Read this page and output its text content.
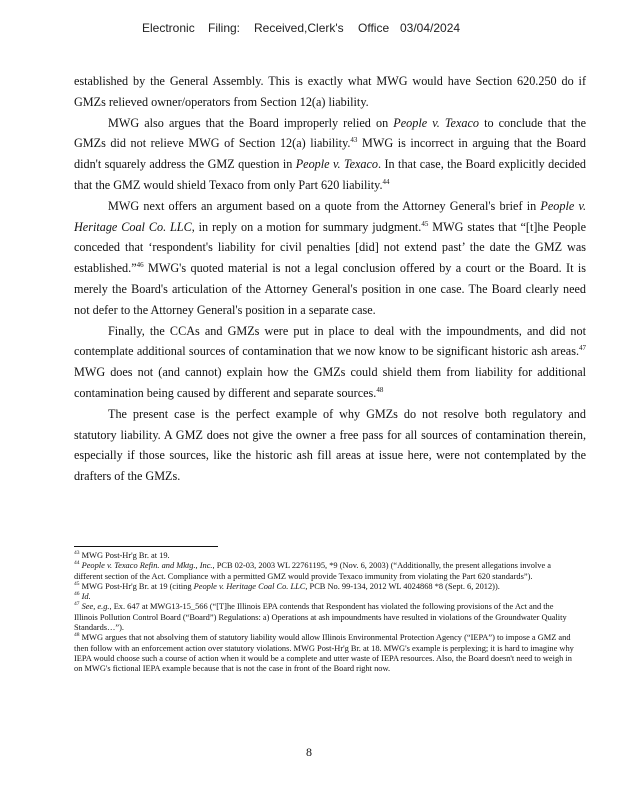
Electronic Filing: Received,Clerk's Office 03/04/2024

established by the General Assembly. This is exactly what MWG would have Section 620.250 do if GMZs relieved owner/operators from Section 12(a) liability.

MWG also argues that the Board improperly relied on People v. Texaco to conclude that the GMZs did not relieve MWG of Section 12(a) liability.$^{43}$ MWG is incorrect in arguing that the Board didn't squarely address the GMZ question in People v. Texaco. In that case, the Board explicitly decided that the GMZ would shield Texaco from only Part 620 liability.$^{44}$

MWG next offers an argument based on a quote from the Attorney General's brief in People v. Heritage Coal Co. LLC, in reply on a motion for summary judgment.$^{45}$ MWG states that “[t]he People conceded that ‘respondent's liability for civil penalties [did] not extend past’ the date the GMZ was established.”$^{46}$ MWG's quoted material is not a legal conclusion offered by a court or the Board. It is merely the Board's articulation of the Attorney General's position in one case. The Board clearly need not defer to the Attorney General's position in a separate case.

Finally, the CCAs and GMZs were put in place to deal with the impoundments, and did not contemplate additional sources of contamination that we now know to be significant historic ash areas.$^{47}$ MWG does not (and cannot) explain how the GMZs could shield them from liability for additional contamination being caused by different and separate sources.$^{48}$

The present case is the perfect example of why GMZs do not resolve both regulatory and statutory liability. A GMZ does not give the owner a free pass for all sources of contamination therein, especially if those sources, like the historic ash fill areas at issue here, were not contemplated by the drafters of the GMZs.

$^{43}$ MWG Post-Hr'g Br. at 19.

$^{44}$ People v. Texaco Refin. and Mktg., Inc., PCB 02-03, 2003 WL 22761195, *9 (Nov. 6, 2003) (“Additionally, the present allegations involve a different section of the Act. Compliance with a permitted GMZ would provide Texaco immunity from violating the Part 620 standards”).

$^{45}$ MWG Post-Hr'g Br. at 19 (citing People v. Heritage Coal Co. LLC, PCB No. 99-134, 2012 WL 4024868 *8 (Sept. 6, 2012)).

$^{46}$ Id.

$^{47}$ See, e.g., Ex. 647 at MWG13-15_566 (“[T]he Illinois EPA contends that Respondent has violated the following provisions of the Act and the Illinois Pollution Control Board (“Board”) Regulations: a) Operations at ash impoundments have resulted in violations of the Groundwater Quality Standards…”).

$^{48}$ MWG argues that not absolving them of statutory liability would allow Illinois Environmental Protection Agency (“IEPA”) to impose a GMZ and then follow with an enforcement action over statutory violations. MWG Post-Hr'g Br. at 18. MWG's example is perplexing; it is hard to imagine why IEPA would choose such a course of action when it would be a complete and utter waste of IEPA resources. Also, the Board doesn't need to weigh in on MWG's fictional IEPA example because that is not the case in front of the Board right now.

8
